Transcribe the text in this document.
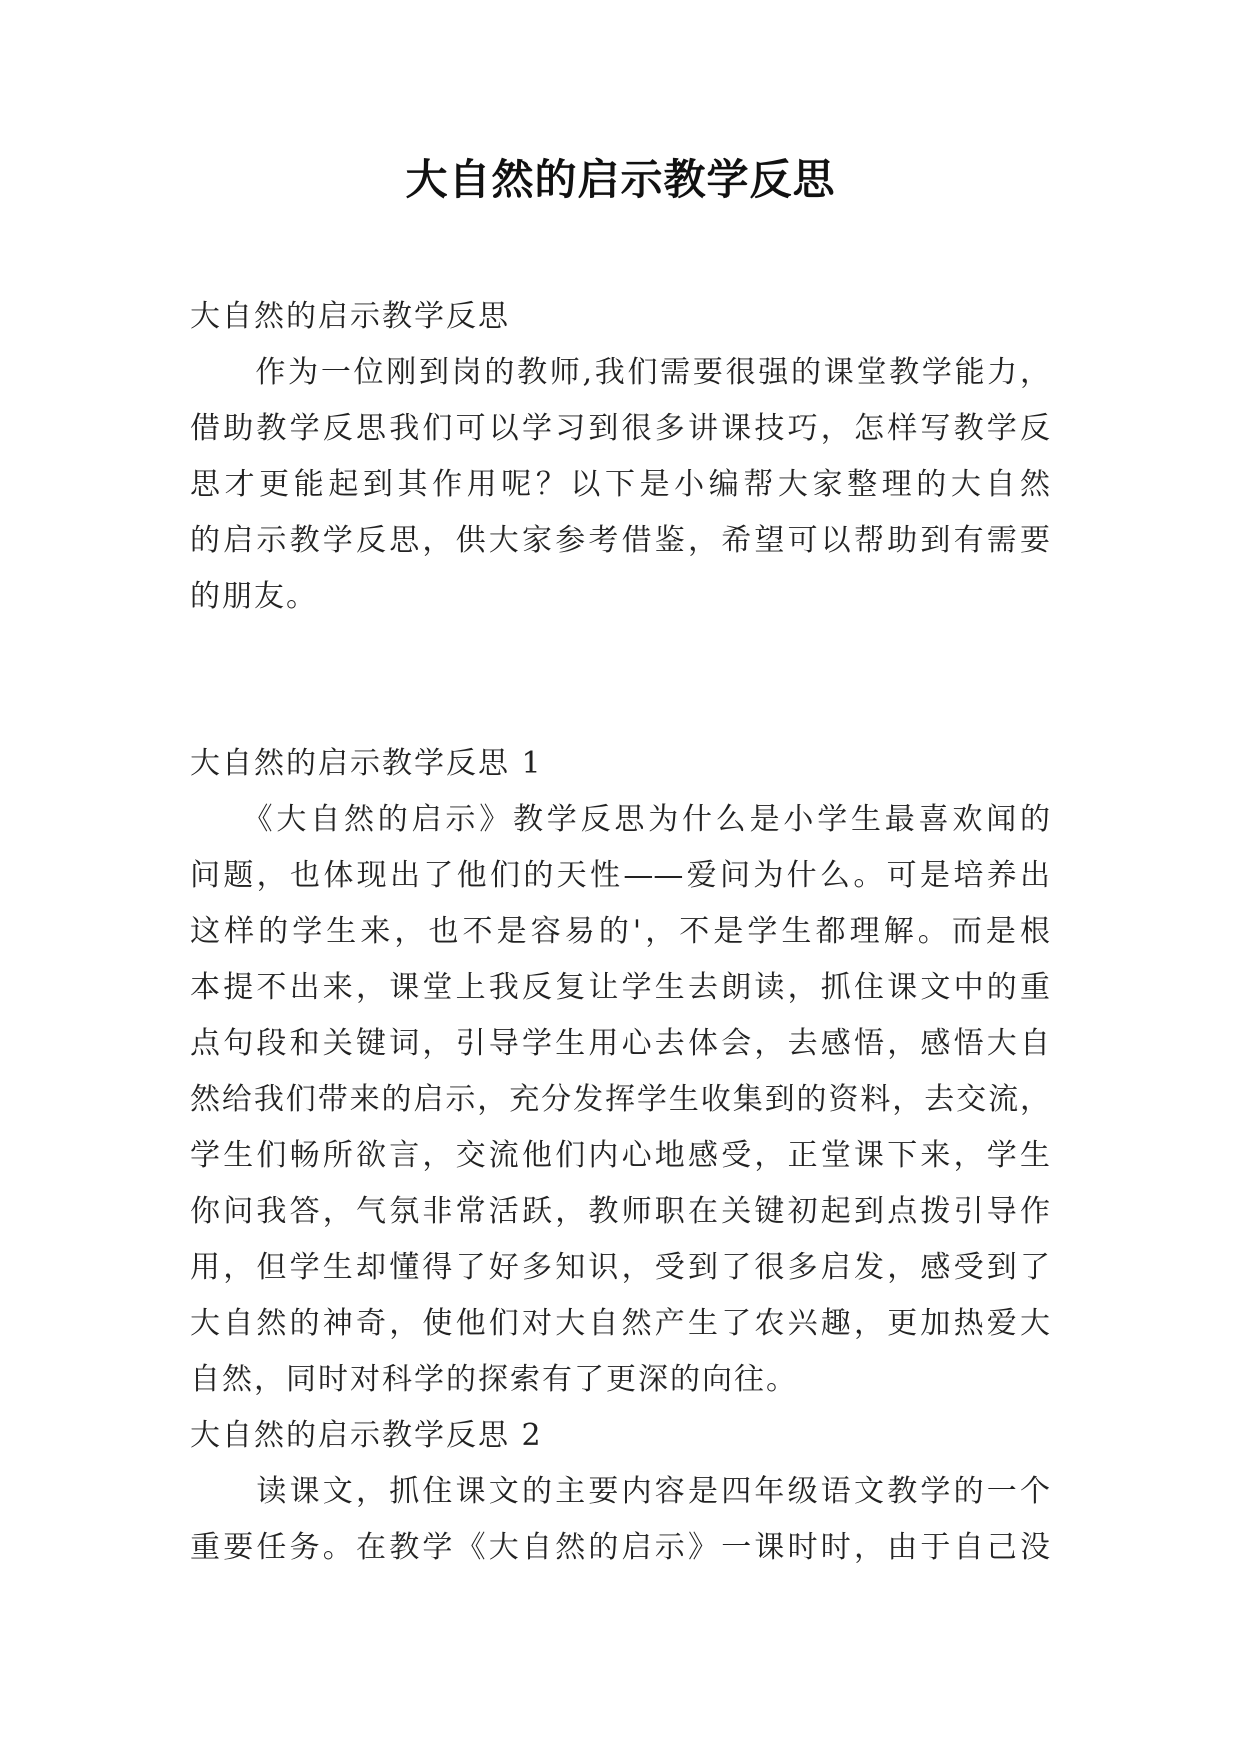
大自然的启示教学反思

大自然的启示教学反思

　　作为一位刚到岗的教师,我们需要很强的课堂教学能力，
借助教学反思我们可以学习到很多讲课技巧，怎样写教学反
思才更能起到其作用呢？以下是小编帮大家整理的大自然
的启示教学反思，供大家参考借鉴，希望可以帮助到有需要
的朋友。

大自然的启示教学反思 1

　　《大自然的启示》教学反思为什么是小学生最喜欢闻的
问题，也体现出了他们的天性——爱问为什么。可是培养出
这样的学生来，也不是容易的'，不是学生都理解。而是根
本提不出来，课堂上我反复让学生去朗读，抓住课文中的重
点句段和关键词，引导学生用心去体会，去感悟，感悟大自
然给我们带来的启示，充分发挥学生收集到的资料，去交流，
学生们畅所欲言，交流他们内心地感受，正堂课下来，学生
你问我答，气氛非常活跃，教师职在关键初起到点拨引导作
用，但学生却懂得了好多知识，受到了很多启发，感受到了
大自然的神奇，使他们对大自然产生了农兴趣，更加热爱大
自然，同时对科学的探索有了更深的向往。

大自然的启示教学反思 2

　　读课文，抓住课文的主要内容是四年级语文教学的一个
重要任务。在教学《大自然的启示》一课时时，由于自己没
